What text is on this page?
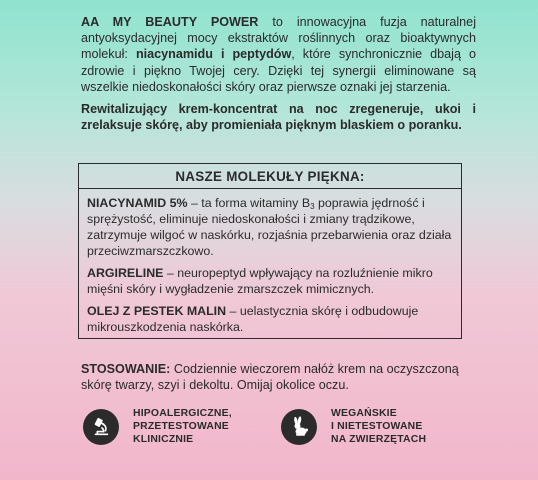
AA MY BEAUTY POWER to innowacyjna fuzja naturalnej antyoksydacyjnej mocy ekstraktów roślinnych oraz bioaktywnych molekuł: niacynamidu i peptydów, które synchronicznie dbają o zdrowie i piękno Twojej cery. Dzięki tej synergii eliminowane są wszelkie niedoskonałości skóry oraz pierwsze oznaki jej starzenia.
Rewitalizujący krem-koncentrat na noc zregeneruje, ukoi i zrelaksuje skórę, aby promieniała pięknym blaskiem o poranku.
NASZE MOLEKUŁY PIĘKNA:
NIACYNAMID 5% – ta forma witaminy $B_3$ poprawia jędrność i sprężystość, eliminuje niedoskonałości i zmiany trądzikowe, zatrzymuje wilgoć w naskórku, rozjaśnia przebarwienia oraz działa przeciwzmarszczkowo.
ARGIRELINE – neuropeptyd wpływający na rozluźnienie mikro mięśni skóry i wygładzenie zmarszczek mimicznych.
OLEJ Z PESTEK MALIN – uelastycznia skórę i odbudowuje mikrouszkodzenia naskórka.
STOSOWANIE: Codziennie wieczorem nałóż krem na oczyszczoną skórę twarzy, szyi i dekoltu. Omijaj okolice oczu.
HIPOALERGICZNE,
PRZETESTOWANE
KLINICZNIE
WEGAŃSKIE
I NIETESTOWANE
NA ZWIERZĘTACH
